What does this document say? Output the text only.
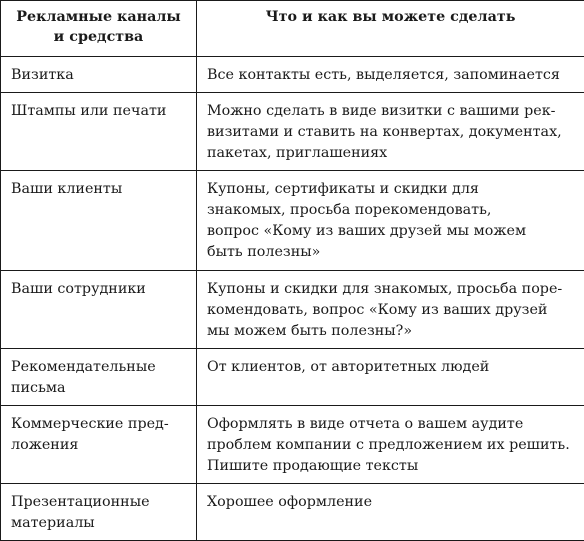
Рекламные каналы
и средства	Что и как вы можете сделать

Визитка	Все контакты есть, выделяется, запоминается

Штампы или печати	Можно сделать в виде визитки с вашими рек-
визитами и ставить на конвертах, документах,
пакетах, приглашениях

Ваши клиенты	Купоны, сертификаты и скидки для
знакомых, просьба порекомендовать,
вопрос «Кому из ваших друзей мы можем
быть полезны»

Ваши сотрудники	Купоны и скидки для знакомых, просьба поре-
комендовать, вопрос «Кому из ваших друзей
мы можем быть полезны?»

Рекомендательные
письма	От клиентов, от авторитетных людей

Коммерческие пред-
ложения	Оформлять в виде отчета о вашем аудите
проблем компании с предложением их решить.
Пишите продающие тексты

Презентационные
материалы	Хорошее оформление
